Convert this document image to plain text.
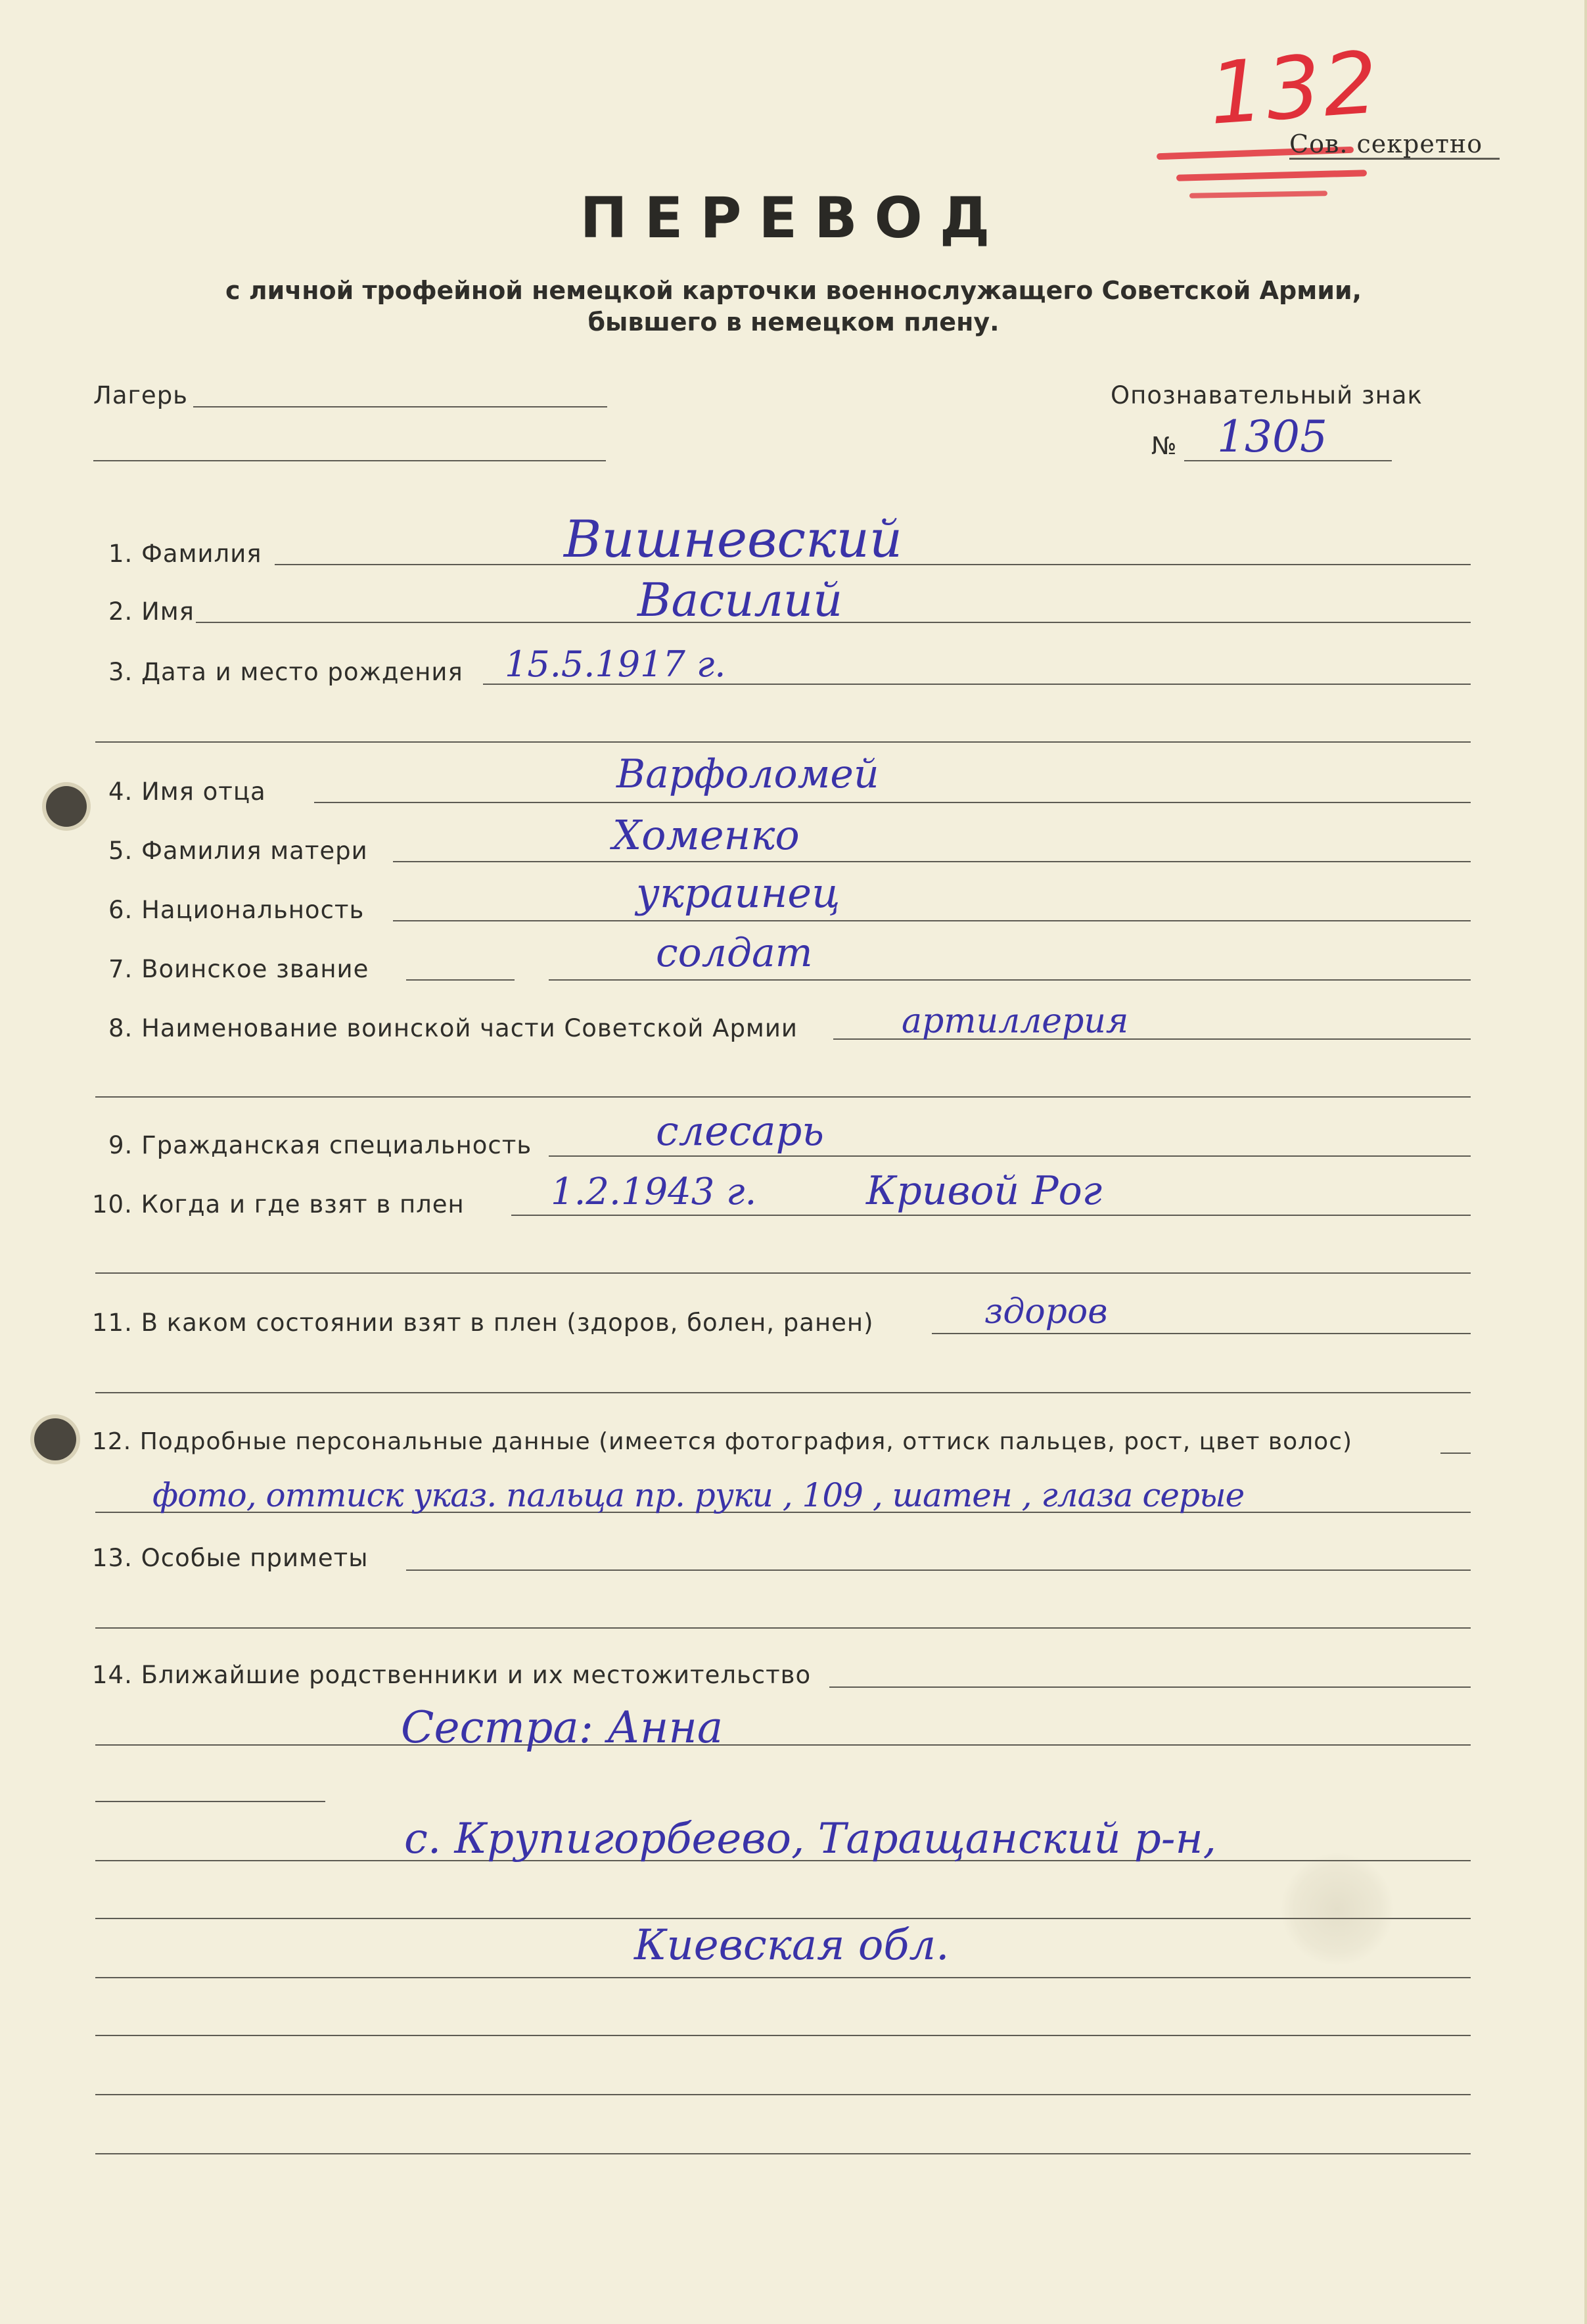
132
Сов. секретно
ПЕРЕВОД
с личной трофейной немецкой карточки военнослужащего Советской Армии,
бывшего в немецком плену.
Лагерь	Опознавательный знак
№ 1305
1. Фамилия	Вишневский
2. Имя	Василий
3. Дата и место рождения 15.5.1917 г.
4. Имя отца	Варфоломей
5. Фамилия матери	Хоменко
6. Национальность	украинец
7. Воинское звание	солдат
8. Наименование воинской части Советской Армии	артиллерия
9. Гражданская специальность	слесарь
10. Когда и где взят в плен 1.2.1943 г.	Кривой Рог
11. В каком состоянии взят в плен (здоров, болен, ранен)	здоров
12. Подробные персональные данные (имеется фотография, оттиск пальцев, рост, цвет волос)
фото, оттиск указ. пальца пр. руки , 109 , шатен , глаза серые
13. Особые приметы
14. Ближайшие родственники и их местожительство
Сестра: Анна
с. Крупигорбеево, Таращанский р-н,
Киевская обл.
